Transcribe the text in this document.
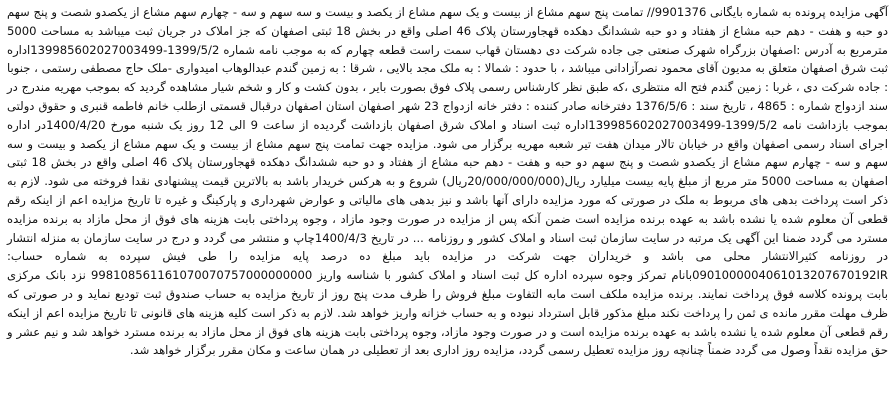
آگهی مزایده پرونده به شماره بایگانی 9901376// تمامت پنج سهم مشاع از بیست و یک سهم مشاع از یکصد و بیست و سه سهم و سه - چهارم سهم مشاع از یکصدو شصت و پنج سهم دو حبه و هفت - دهم حبه مشاع از هفتاد و دو حبه ششدانگ دهکده قهجاورستان پلاک 46 اصلی واقع در بخش 18 ثبتی اصفهان که جز املاک در جریان ثبت میباشد به مساحت 5000 مترمربع به آدرس :اصفهان بزرگراه شهرک صنعتی جی جاده شرکت دی دهستان قهاب سمت راست قطعه چهارم که به موجب نامه شماره 1399/5/2-139985602027003499اداره ثبت شرق اصفهان متعلق به مدیون آقای محمود نصرآزادانی میباشد ، با حدود : شمالا : به ملک مجد بالایی ، شرقا : به زمین گندم عبدالوهاب امیدواری -ملک حاج مصطفی رستمی ، جنوبا : جاده شرکت دی ، غربا : زمین گندم فتح اله منتظری ،که طبق نظر کارشناس رسمی پلاک فوق بصورت بایر ، بدون کشت و کار و شخم شیار مشاهده گردید که بموجب مهریه مندرج در سند ازدواج شماره : 4865 ، تاریخ سند : 1376/5/6 دفترخانه صادر کننده : دفتر خانه ازدواج 23 شهر اصفهان استان اصفهان درقبال قسمتی ازطلب خانم فاطمه قنبری و حقوق دولتی بموجب بازداشت نامه 1399/5/2-139985602027003499اداره ثبت اسناد و املاک شرق اصفهان بازداشت گردیده از ساعت 9 الی 12 روز یک شنبه مورخ 1400/4/20در اداره اجرای اسناد رسمی اصفهان واقع در خیابان تالار میدان هفت تیر شعبه مهریه برگزار می شود. مزایده جهت تمامت پنج سهم مشاع از بیست و یک سهم مشاع از یکصد و بیست و سه سهم و سه - چهارم سهم مشاع از یکصدو شصت و پنج سهم دو حبه و هفت - دهم حبه مشاع از هفتاد و دو حبه ششدانگ دهکده قهجاورستان پلاک 46 اصلی واقع در بخش 18 ثبتی اصفهان به مساحت 5000 متر مربع از مبلغ پایه بیست میلیارد ریال(20/000/000/000ریال) شروع و به هرکس خریدار باشد به بالاترین قیمت پیشنهادی نقدا فروخته می شود. لازم به ذکر است پرداخت بدهی های مربوط به ملک در صورتی که مورد مزایده دارای آنها باشد و نیز بدهی های مالیاتی و عوارض شهرداری و پارکینگ و غیره تا تاریخ مزایده اعم از اینکه رقم قطعی آن معلوم شده یا نشده باشد به عهده برنده مزایده است ضمن آنکه پس از مزایده در صورت وجود مازاد ، وجوه پرداختی بابت هزینه های فوق از محل مازاد به برنده مزایده مسترد می گردد ضمنا این آگهی یک مرتبه در سایت سازمان ثبت اسناد و املاک کشور و روزنامه ... در تاریخ 1400/4/3چاپ و منتشر می گردد و درج در سایت سازمان به منزله انتشار در روزنامه کثیرالانتشار محلی می باشد و خریداران جهت شرکت در مزایده باید مبلغ ده درصد پایه مزایده را طی فیش سپرده به شماره حساب: 0901000004061013207670192IRبانام تمرکز وجوه سپرده اداره کل ثبت اسناد و املاک کشور با شناسه واریز 998108561161070070757000000000 نزد بانک مرکزی بابت پرونده کلاسه فوق پرداخت نمایند. برنده مزایده ملکف است مابه التفاوت مبلغ فروش را ظرف مدت پنج روز از تاریخ مزایده به حساب صندوق ثبت تودیع نماید و در صورتی که ظرف مهلت مقرر مانده ی ثمن را پرداخت نکند مبلغ مذکور قابل استرداد نبوده و به حساب خزانه واریز خواهد شد. لازم به ذکر است کلیه هزینه های قانونی تا تاریخ مزایده اعم از اینکه رقم قطعی آن معلوم شده یا نشده باشد به عهده برنده مزایده است و در صورت وجود مازاد، وجوه پرداختی بابت هزینه های فوق از محل مازاد به برنده مسترد خواهد شد و نیم عشر و حق مزایده نقداً وصول می گردد ضمناً چنانچه روز مزایده تعطیل رسمی گردد، مزایده روز اداری بعد از تعطیلی در همان ساعت و مکان مقرر برگزار خواهد شد.
